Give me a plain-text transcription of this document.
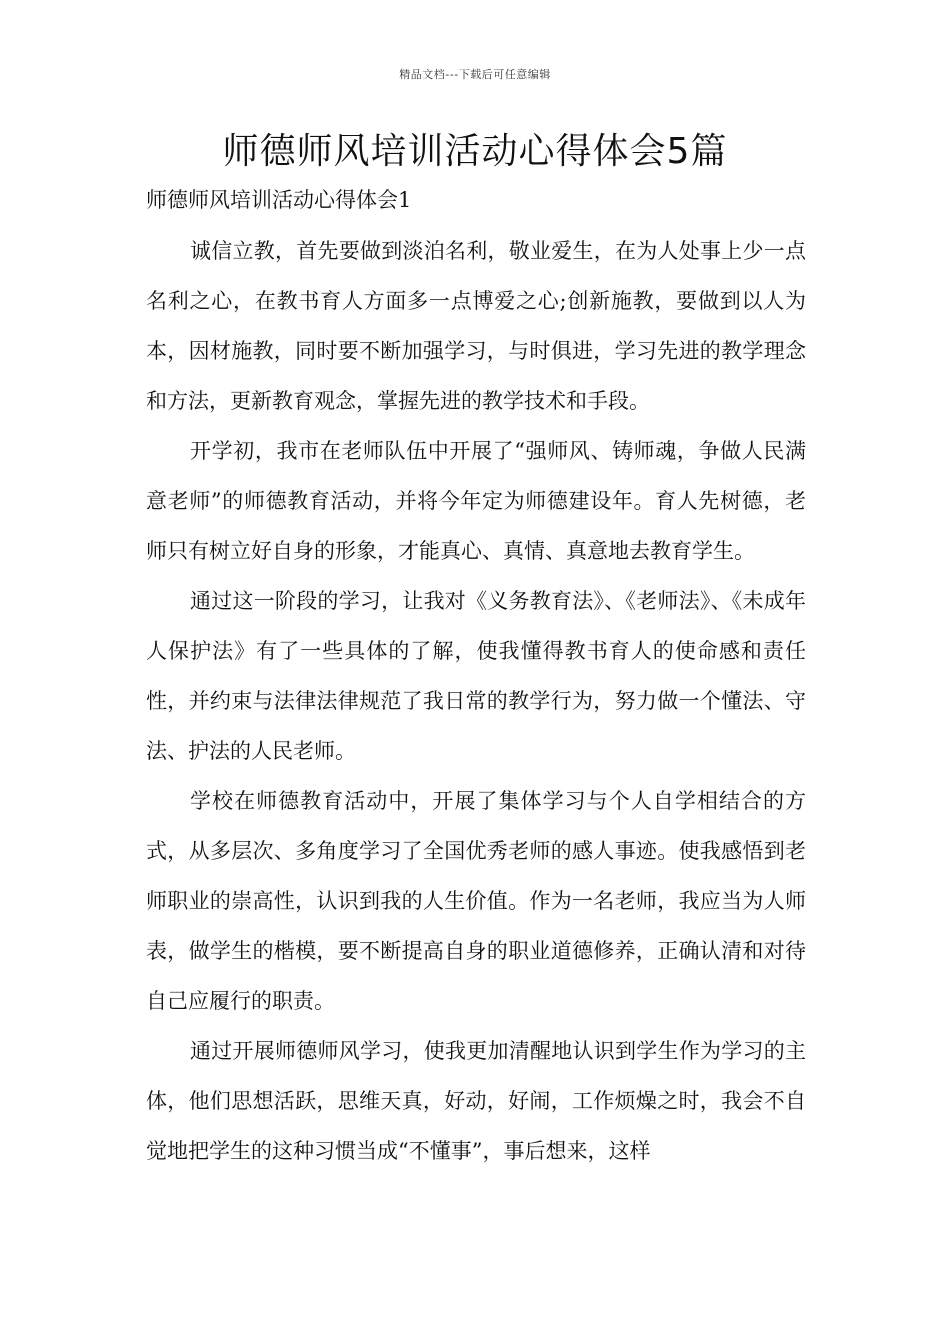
精品文档---下载后可任意编辑
师德师风培训活动心得体会5篇
师德师风培训活动心得体会1

诚信立教，首先要做到淡泊名利，敬业爱生，在为人处事上少一点名利之心，在教书育人方面多一点博爱之心;创新施教，要做到以人为本，因材施教，同时要不断加强学习，与时俱进，学习先进的教学理念和方法，更新教育观念，掌握先进的教学技术和手段。

开学初，我市在老师队伍中开展了“强师风、铸师魂，争做人民满意老师”的师德教育活动，并将今年定为师德建设年。育人先树德，老师只有树立好自身的形象，才能真心、真情、真意地去教育学生。

通过这一阶段的学习，让我对《义务教育法》、《老师法》、《未成年人保护法》有了一些具体的了解，使我懂得教书育人的使命感和责任性，并约束与法律法律规范了我日常的教学行为，努力做一个懂法、守法、护法的人民老师。

学校在师德教育活动中，开展了集体学习与个人自学相结合的方式，从多层次、多角度学习了全国优秀老师的感人事迹。使我感悟到老师职业的崇高性，认识到我的人生价值。作为一名老师，我应当为人师表，做学生的楷模，要不断提高自身的职业道德修养，正确认清和对待自己应履行的职责。

通过开展师德师风学习，使我更加清醒地认识到学生作为学习的主体，他们思想活跃，思维天真，好动，好闹，工作烦燥之时，我会不自觉地把学生的这种习惯当成“不懂事”，事后想来，这样
